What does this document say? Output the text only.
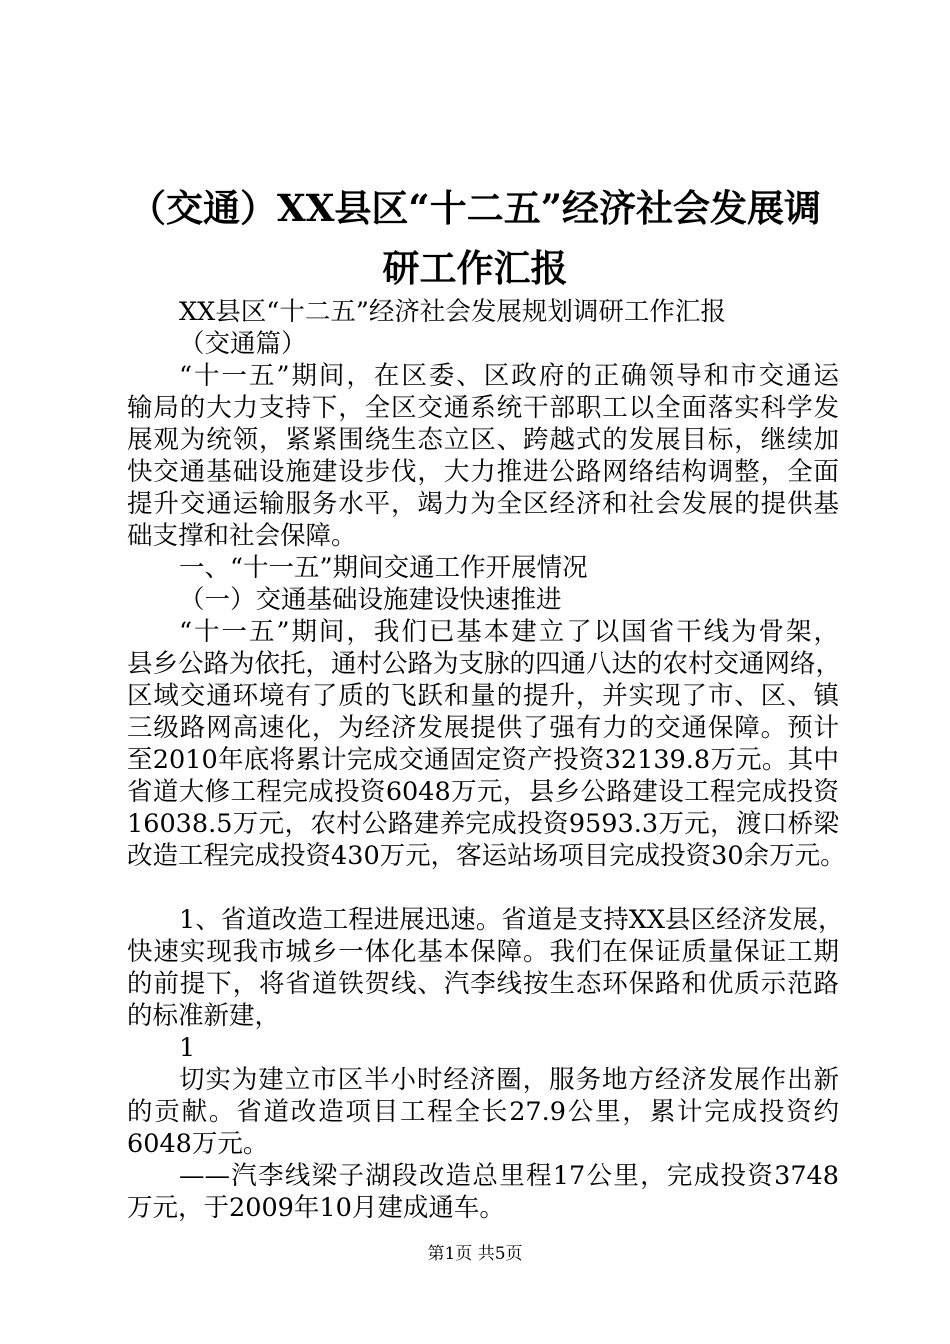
（交通）XX县区“十二五”经济社会发展调
研工作汇报
XX县区“十二五”经济社会发展规划调研工作汇报
（交通篇）
“十一五”期间，在区委、区政府的正确领导和市交通运
输局的大力支持下，全区交通系统干部职工以全面落实科学发
展观为统领，紧紧围绕生态立区、跨越式的发展目标，继续加
快交通基础设施建设步伐，大力推进公路网络结构调整，全面
提升交通运输服务水平，竭力为全区经济和社会发展的提供基
础支撑和社会保障。
一、“十一五”期间交通工作开展情况
（一）交通基础设施建设快速推进
“十一五”期间，我们已基本建立了以国省干线为骨架，
县乡公路为依托，通村公路为支脉的四通八达的农村交通网络，
区域交通环境有了质的飞跃和量的提升，并实现了市、区、镇
三级路网高速化，为经济发展提供了强有力的交通保障。预计
至2010年底将累计完成交通固定资产投资32139.8万元。其中
省道大修工程完成投资6048万元，县乡公路建设工程完成投资
16038.5万元，农村公路建养完成投资9593.3万元，渡口桥梁
改造工程完成投资430万元，客运站场项目完成投资30余万元。
1、省道改造工程进展迅速。省道是支持XX县区经济发展，
快速实现我市城乡一体化基本保障。我们在保证质量保证工期
的前提下，将省道铁贺线、汽李线按生态环保路和优质示范路
的标准新建，
1
切实为建立市区半小时经济圈，服务地方经济发展作出新
的贡献。省道改造项目工程全长27.9公里，累计完成投资约
6048万元。
——汽李线梁子湖段改造总里程17公里，完成投资3748
万元，于2009年10月建成通车。
第1页 共5页
